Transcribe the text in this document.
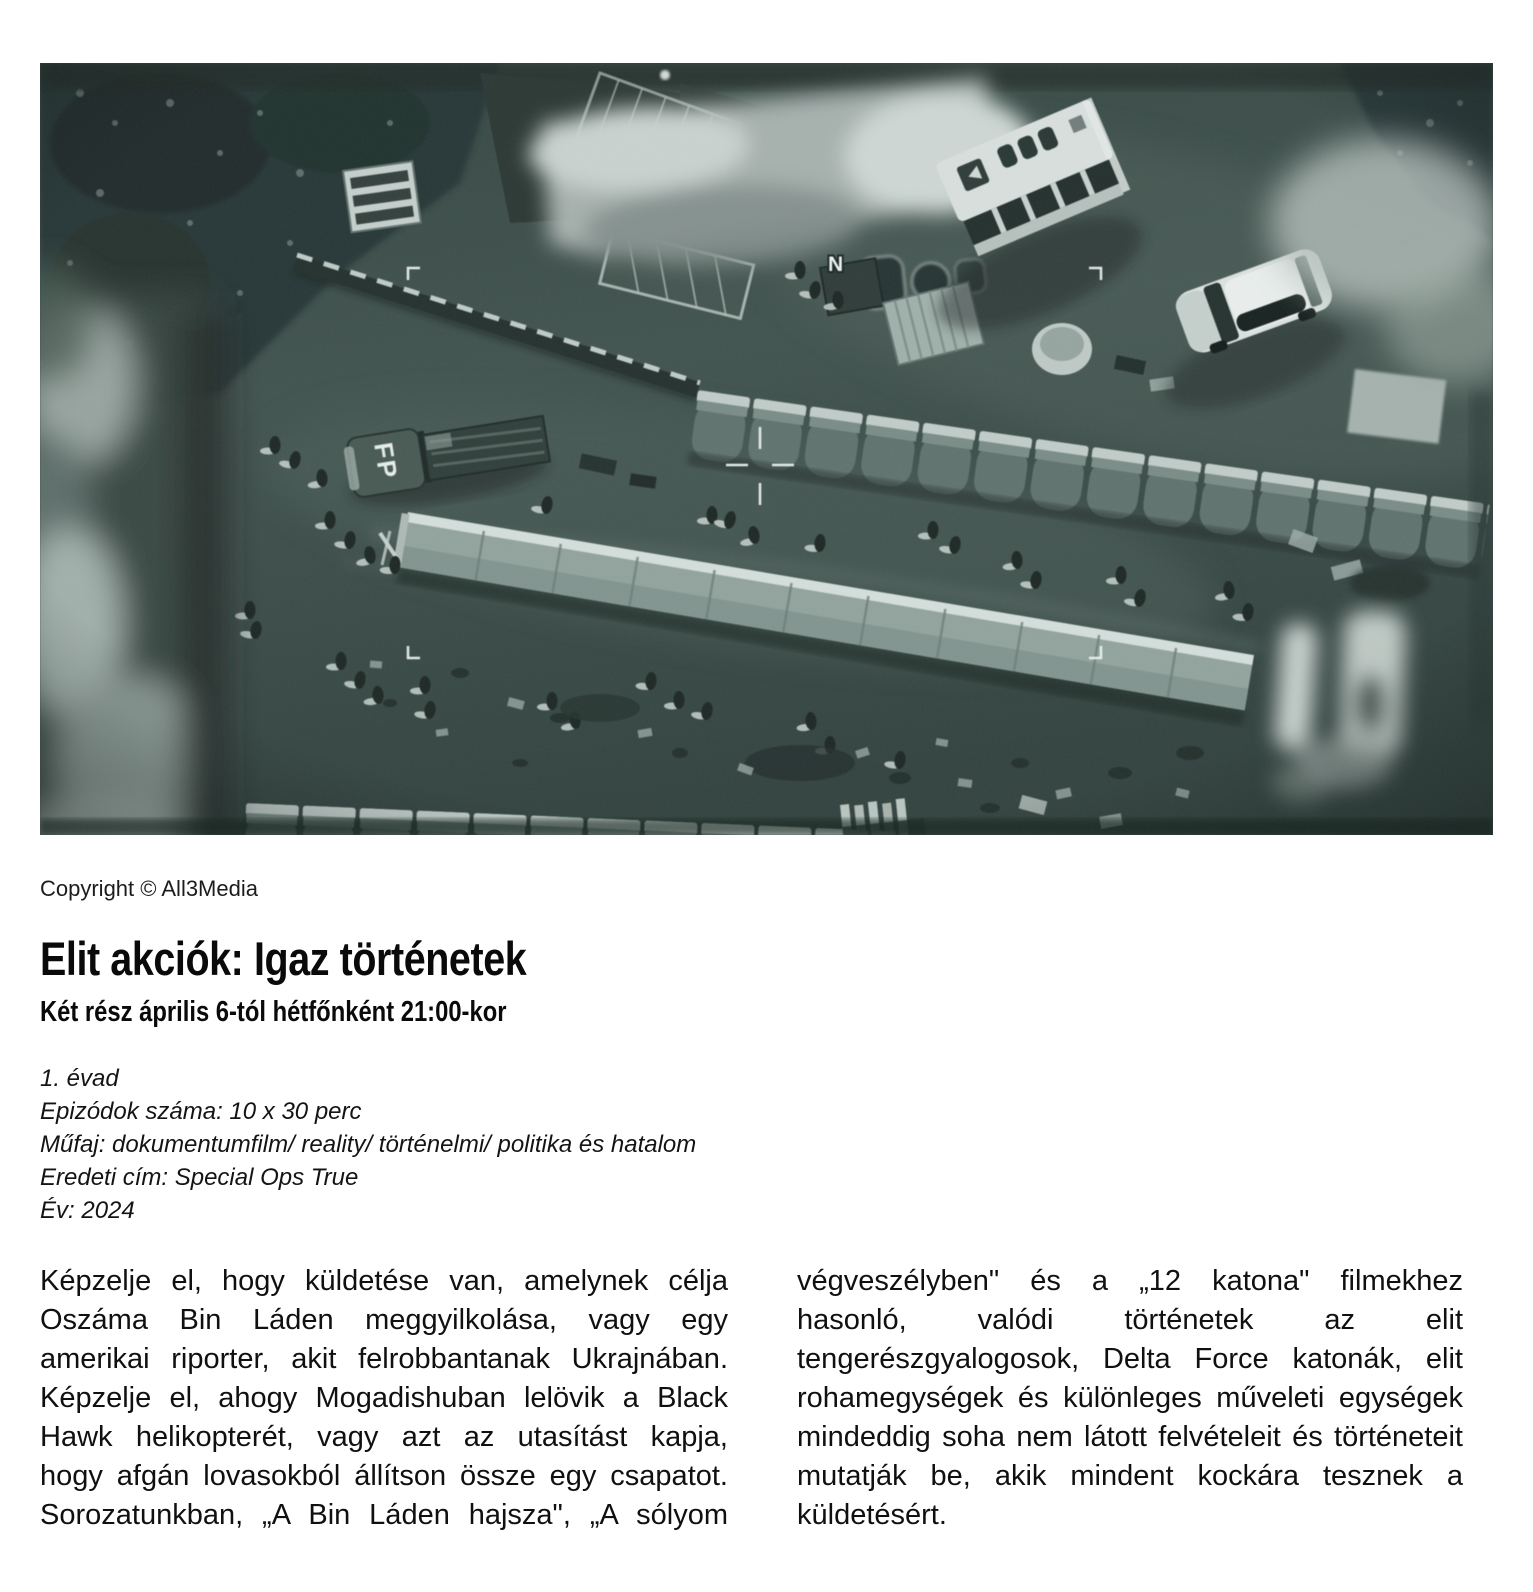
Copyright © All3Media
Elit akciók: Igaz történetek
Két rész április 6-tól hétfőnként 21:00-kor
1. évad
Epizódok száma: 10 x 30 perc
Műfaj: dokumentumfilm/ reality/ történelmi/ politika és hatalom
Eredeti cím: Special Ops True
Év: 2024
Képzelje el, hogy küldetése van, amelynek célja Oszáma Bin Láden meggyilkolása, vagy egy amerikai riporter, akit felrobbantanak Ukrajnában. Képzelje el, ahogy Mogadishuban lelövik a Black Hawk helikopterét, vagy azt az utasítást kapja, hogy afgán lovasokból állítson össze egy csapatot. Sorozatunkban, „A Bin Láden hajsza", „A sólyom
végveszélyben" és a „12 katona" filmekhez hasonló, valódi történetek az elit tengerészgyalogosok, Delta Force katonák, elit rohamegységek és különleges műveleti egységek mindeddig soha nem látott felvételeit és történeteit mutatják be, akik mindent kockára tesznek a küldetésért.
